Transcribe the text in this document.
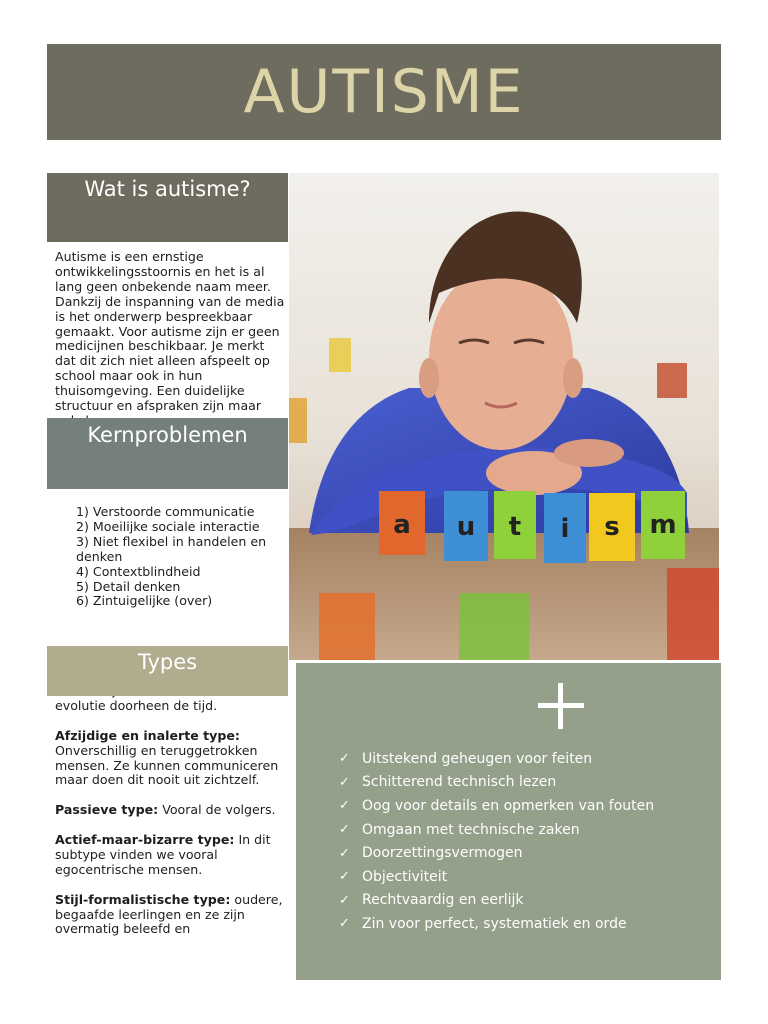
AUTISME
Autisme is een ernstige ontwikkelingsstoornis en het is al lang geen onbekende naam meer. Dankzij de inspanning van de media is het onderwerp bespreekbaar gemaakt. Voor autisme zijn er geen medicijnen beschikbaar. Je merkt dat dit zich niet alleen afspeelt op school maar ook in hun thuisomgeving. Een duidelijke structuur en afspraken zijn maar
Wat is autisme?
Kernproblemen
1) Verstoorde communicatie
2) Moeilijke sociale interactie
3) Niet flexibel in handelen en denken
4) Contextblindheid
5) Detail denken
6) Zintuigelijke (over)

evolutie doorheen de tijd.

Afzijdige en inalerte type: Onverschillig en teruggetrokken mensen. Ze kunnen communiceren maar doen dit nooit uit zichtzelf.

Passieve type: Vooral de volgers.

Actief-maar-bizarre type: In dit subtype vinden we vooral egocentrische mensen.

Stijl-formalistische type: oudere, begaafde leerlingen en ze zijn overmatig beleefd en

Types
a u t i s m
✓ Uitstekend geheugen voor feiten
✓ Schitterend technisch lezen
✓ Oog voor details en opmerken van fouten
✓ Omgaan met technische zaken
✓ Doorzettingsvermogen
✓ Objectiviteit
✓ Rechtvaardig en eerlijk
✓ Zin voor perfect, systematiek en orde
